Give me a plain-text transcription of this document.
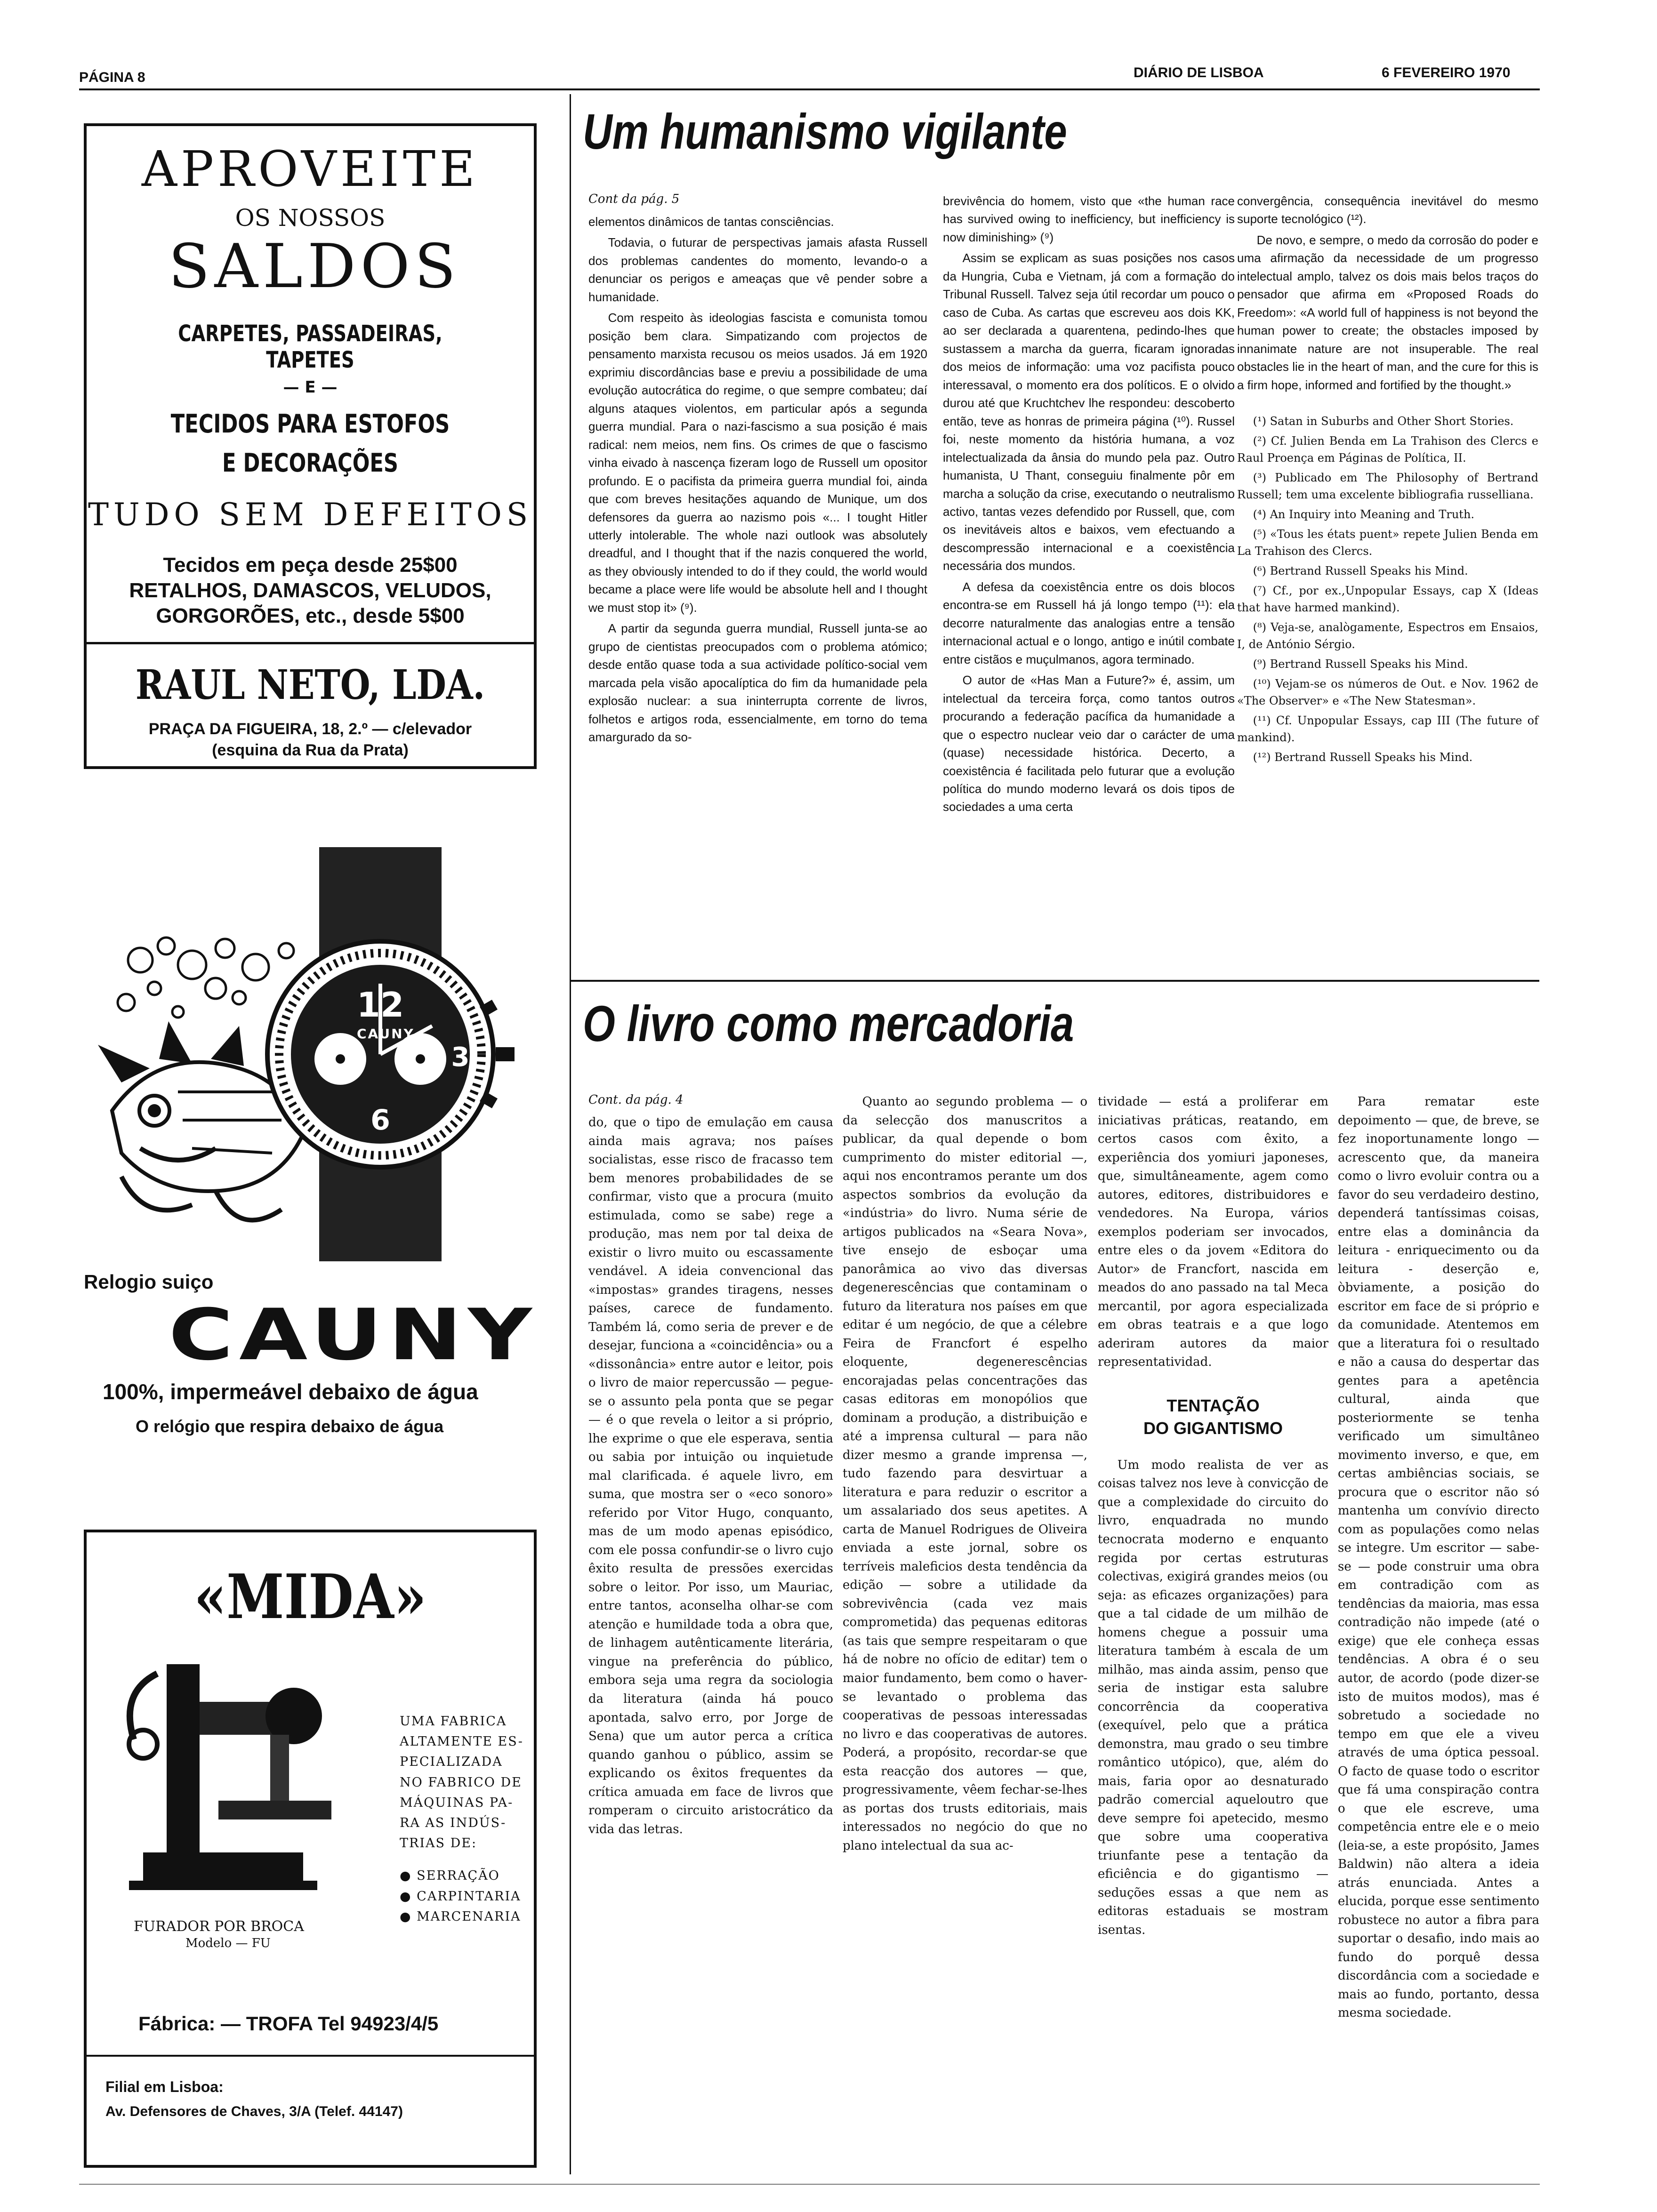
PÁGINA 8	DIÁRIO DE LISBOA	6 FEVEREIRO 1970
APROVEITE
OS NOSSOS SALDOS
CARPETES, PASSADEIRAS, TAPETES
— E —
TECIDOS PARA ESTOFOS
E DECORAÇÕES
TUDO SEM DEFEITOS
Tecidos em peça desde 25$00
RETALHOS, DAMASCOS, VELUDOS,
GORGORÕES, etc., desde 5$00
RAUL NETO, LDA.
PRAÇA DA FIGUEIRA, 18, 2.º — c/elevador
(esquina da Rua da Prata)
12
6
3
CAUNY
Relogio suiço
CAUNY
100%, impermeável debaixo de água
O relógio que respira debaixo de água
«MIDA»
UMA FABRICA
ALTAMENTE ES-
PECIALIZADA
NO FABRICO DE
MÁQUINAS PA-
RA AS INDÚS-
TRIAS DE:
● SERRAÇÃO
● CARPINTARIA
● MARCENARIA
FURADOR POR BROCA
Modelo — FU
Fábrica: — TROFA Tel 94923/4/5
Filial em Lisboa:
Av. Defensores de Chaves, 3/A (Telef. 44147)
Um humanismo vigilante
Cont da pág. 5

elementos dinâmicos de tantas consciências.

Todavia, o futurar de perspectivas jamais afasta Russell dos problemas candentes do momento, levando-o a denunciar os perigos e ameaças que vê pender sobre a humanidade.

Com respeito às ideologias fascista e comunista tomou posição bem clara. Simpatizando com projectos de pensamento marxista recusou os meios usados. Já em 1920 exprimiu discordâncias base e previu a possibilidade de uma evolução autocrática do regime, o que sempre combateu; daí alguns ataques violentos, em particular após a segunda guerra mundial. Para o nazi-fascismo a sua posição é mais radical: nem meios, nem fins. Os crimes de que o fascismo vinha eivado à nascença fizeram logo de Russell um opositor profundo. E o pacifista da primeira guerra mundial foi, ainda que com breves hesitações aquando de Munique, um dos defensores da guerra ao nazismo pois «... I tought Hitler utterly intolerable. The whole nazi outlook was absolutely dreadful, and I thought that if the nazis conquered the world, as they obviously intended to do if they could, the world would became a place were life would be absolute hell and I thought we must stop it» (⁹).

A partir da segunda guerra mundial, Russell junta-se ao grupo de cientistas preocupados com o problema atómico; desde então quase toda a sua actividade político-social vem marcada pela visão apocalíptica do fim da humanidade pela explosão nuclear: a sua ininterrupta corrente de livros, folhetos e artigos roda, essencialmente, em torno do tema amargurado da so-

brevivência do homem, visto que «the human race has survived owing to inefficiency, but inefficiency is now diminishing» (⁹)

Assim se explicam as suas posições nos casos da Hungria, Cuba e Vietnam, já com a formação do Tribunal Russell. Talvez seja útil recordar um pouco o caso de Cuba. As cartas que escreveu aos dois KK, ao ser declarada a quarentena, pedindo-lhes que sustassem a marcha da guerra, ficaram ignoradas dos meios de informação: uma voz pacifista pouco interessaval, o momento era dos políticos. E o olvido durou até que Kruchtchev lhe respondeu: descoberto então, teve as honras de primeira página (¹⁰). Russel foi, neste momento da história humana, a voz intelectualizada da ânsia do mundo pela paz. Outro humanista, U Thant, conseguiu finalmente pôr em marcha a solução da crise, executando o neutralismo activo, tantas vezes defendido por Russell, que, com os inevitáveis altos e baixos, vem efectuando a descompressão internacional e a coexistência necessária dos mundos.

A defesa da coexistência entre os dois blocos encontra-se em Russell há já longo tempo (¹¹): ela decorre naturalmente das analogias entre a tensão internacional actual e o longo, antigo e inútil combate entre cistãos e muçulmanos, agora terminado.

O autor de «Has Man a Future?» é, assim, um intelectual da terceira força, como tantos outros procurando a federação pacífica da humanidade a que o espectro nuclear veio dar o carácter de uma (quase) necessidade histórica. Decerto, a coexistência é facilitada pelo futurar que a evolução política do mundo moderno levará os dois tipos de sociedades a uma certa

convergência, consequência inevitável do mesmo suporte tecnológico (¹²).

De novo, e sempre, o medo da corrosão do poder e uma afirmação da necessidade de um progresso intelectual amplo, talvez os dois mais belos traços do pensador que afirma em «Proposed Roads do Freedom»: «A world full of happiness is not beyond the human power to create; the obstacles imposed by innanimate nature are not insuperable. The real obstacles lie in the heart of man, and the cure for this is a firm hope, informed and fortified by the thought.»

(¹) Satan in Suburbs and Other Short Stories.
(²) Cf. Julien Benda em La Trahison des Clercs e Raul Proença em Páginas de Política, II.
(³) Publicado em The Philosophy of Bertrand Russell; tem uma excelente bibliografia russelliana.
(⁴) An Inquiry into Meaning and Truth.
(⁵) «Tous les états puent» repete Julien Benda em La Trahison des Clercs.
(⁶) Bertrand Russell Speaks his Mind.
(⁷) Cf., por ex.,Unpopular Essays, cap X (Ideas that have harmed mankind).
(⁸) Veja-se, analògamente, Espectros em Ensaios, I, de António Sérgio.
(⁹) Bertrand Russell Speaks his Mind.
(¹⁰) Vejam-se os números de Out. e Nov. 1962 de «The Observer» e «The New Statesman».
(¹¹) Cf. Unpopular Essays, cap III (The future of mankind).
(¹²) Bertrand Russell Speaks his Mind.
O livro como mercadoria
Cont. da pág. 4

do, que o tipo de emulação em causa ainda mais agrava; nos países socialistas, esse risco de fracasso tem bem menores probabilidades de se confirmar, visto que a procura (muito estimulada, como se sabe) rege a produção, mas nem por tal deixa de existir o livro muito ou escassamente vendável. A ideia convencional das «impostas» grandes tiragens, nesses países, carece de fundamento. Também lá, como seria de prever e de desejar, funciona a «coincidência» ou a «dissonância» entre autor e leitor, pois o livro de maior repercussão — pegue-se o assunto pela ponta que se pegar — é o que revela o leitor a si próprio, lhe exprime o que ele esperava, sentia ou sabia por intuição ou inquietude mal clarificada. é aquele livro, em suma, que mostra ser o «eco sonoro» referido por Vitor Hugo, conquanto, mas de um modo apenas episódico, com ele possa confundir-se o livro cujo êxito resulta de pressões exercidas sobre o leitor. Por isso, um Mauriac, entre tantos, aconselha olhar-se com atenção e humildade toda a obra que, de linhagem autênticamente literária, vingue na preferência do público, embora seja uma regra da sociologia da literatura (ainda há pouco apontada, salvo erro, por Jorge de Sena) que um autor perca a crítica quando ganhou o público, assim se explicando os êxitos frequentes da crítica amuada em face de livros que romperam o circuito aristocrático da vida das letras.

Quanto ao segundo problema — o da selecção dos manuscritos a publicar, da qual depende o bom cumprimento do mister editorial —, aqui nos encontramos perante um dos aspectos sombrios da evolução da «indústria» do livro. Numa série de artigos publicados na «Seara Nova», tive ensejo de esboçar uma panorâmica ao vivo das diversas degenerescências que contaminam o futuro da literatura nos países em que editar é um negócio, de que a célebre Feira de Francfort é espelho eloquente, degenerescências encorajadas pelas concentrações das casas editoras em monopólios que dominam a produção, a distribuição e até a imprensa cultural — para não dizer mesmo a grande imprensa —, tudo fazendo para desvirtuar a literatura e para reduzir o escritor a um assalariado dos seus apetites. A carta de Manuel Rodrigues de Oliveira enviada a este jornal, sobre os terríveis maleficios desta tendência da edição — sobre a utilidade da sobrevivência (cada vez mais comprometida) das pequenas editoras (as tais que sempre respeitaram o que há de nobre no ofício de editar) tem o maior fundamento, bem como o haver-se levantado o problema das cooperativas de pessoas interessadas no livro e das cooperativas de autores. Poderá, a propósito, recordar-se que esta reacção dos autores — que, progressivamente, vêem fechar-se-lhes as portas dos trusts editoriais, mais interessados no negócio do que no plano intelectual da sua ac-

tividade — está a proliferar em iniciativas práticas, reatando, em certos casos com êxito, a experiência dos yomiuri japoneses, que, simultâneamente, agem como autores, editores, distribuidores e vendedores. Na Europa, vários exemplos poderiam ser invocados, entre eles o da jovem «Editora do Autor» de Francfort, nascida em meados do ano passado na tal Meca mercantil, por agora especializada em obras teatrais e a que logo aderiram autores da maior representatividad.

TENTAÇÃO
DO GIGANTISMO

Um modo realista de ver as coisas talvez nos leve à convicção de que a complexidade do circuito do livro, enquadrada no mundo tecnocrata moderno e enquanto regida por certas estruturas colectivas, exigirá grandes meios (ou seja: as eficazes organizações) para que a tal cidade de um milhão de homens chegue a possuir uma literatura também à escala de um milhão, mas ainda assim, penso que seria de instigar esta salubre concorrência da cooperativa (exequível, pelo que a prática demonstra, mau grado o seu timbre romântico utópico), que, além do mais, faria opor ao desnaturado padrão comercial aqueloutro que deve sempre foi apetecido, mesmo que sobre uma cooperativa triunfante pese a tentação da eficiência e do gigantismo — seduções essas a que nem as editoras estaduais se mostram isentas.

Para rematar este depoimento — que, de breve, se fez inoportunamente longo — acrescento que, da maneira como o livro evoluir contra ou a favor do seu verdadeiro destino, dependerá tantíssimas coisas, entre elas a dominância da leitura - enriquecimento ou da leitura - deserção e, òbviamente, a posição do escritor em face de si próprio e da comunidade. Atentemos em que a literatura foi o resultado e não a causa do despertar das gentes para a apetência cultural, ainda que posteriormente se tenha verificado um simultâneo movimento inverso, e que, em certas ambiências sociais, se procura que o escritor não só mantenha um convívio directo com as populações como nelas se integre. Um escritor — sabe-se — pode construir uma obra em contradição com as tendências da maioria, mas essa contradição não impede (até o exige) que ele conheça essas tendências. A obra é o seu autor, de acordo (pode dizer-se isto de muitos modos), mas é sobretudo a sociedade no tempo em que ele a viveu através de uma óptica pessoal. O facto de quase todo o escritor que fá uma conspiração contra o que ele escreve, uma competência entre ele e o meio (leia-se, a este propósito, James Baldwin) não altera a ideia atrás enunciada. Antes a elucida, porque esse sentimento robustece no autor a fibra para suportar o desafio, indo mais ao fundo do porquê dessa discordância com a sociedade e mais ao fundo, portanto, dessa mesma sociedade.
